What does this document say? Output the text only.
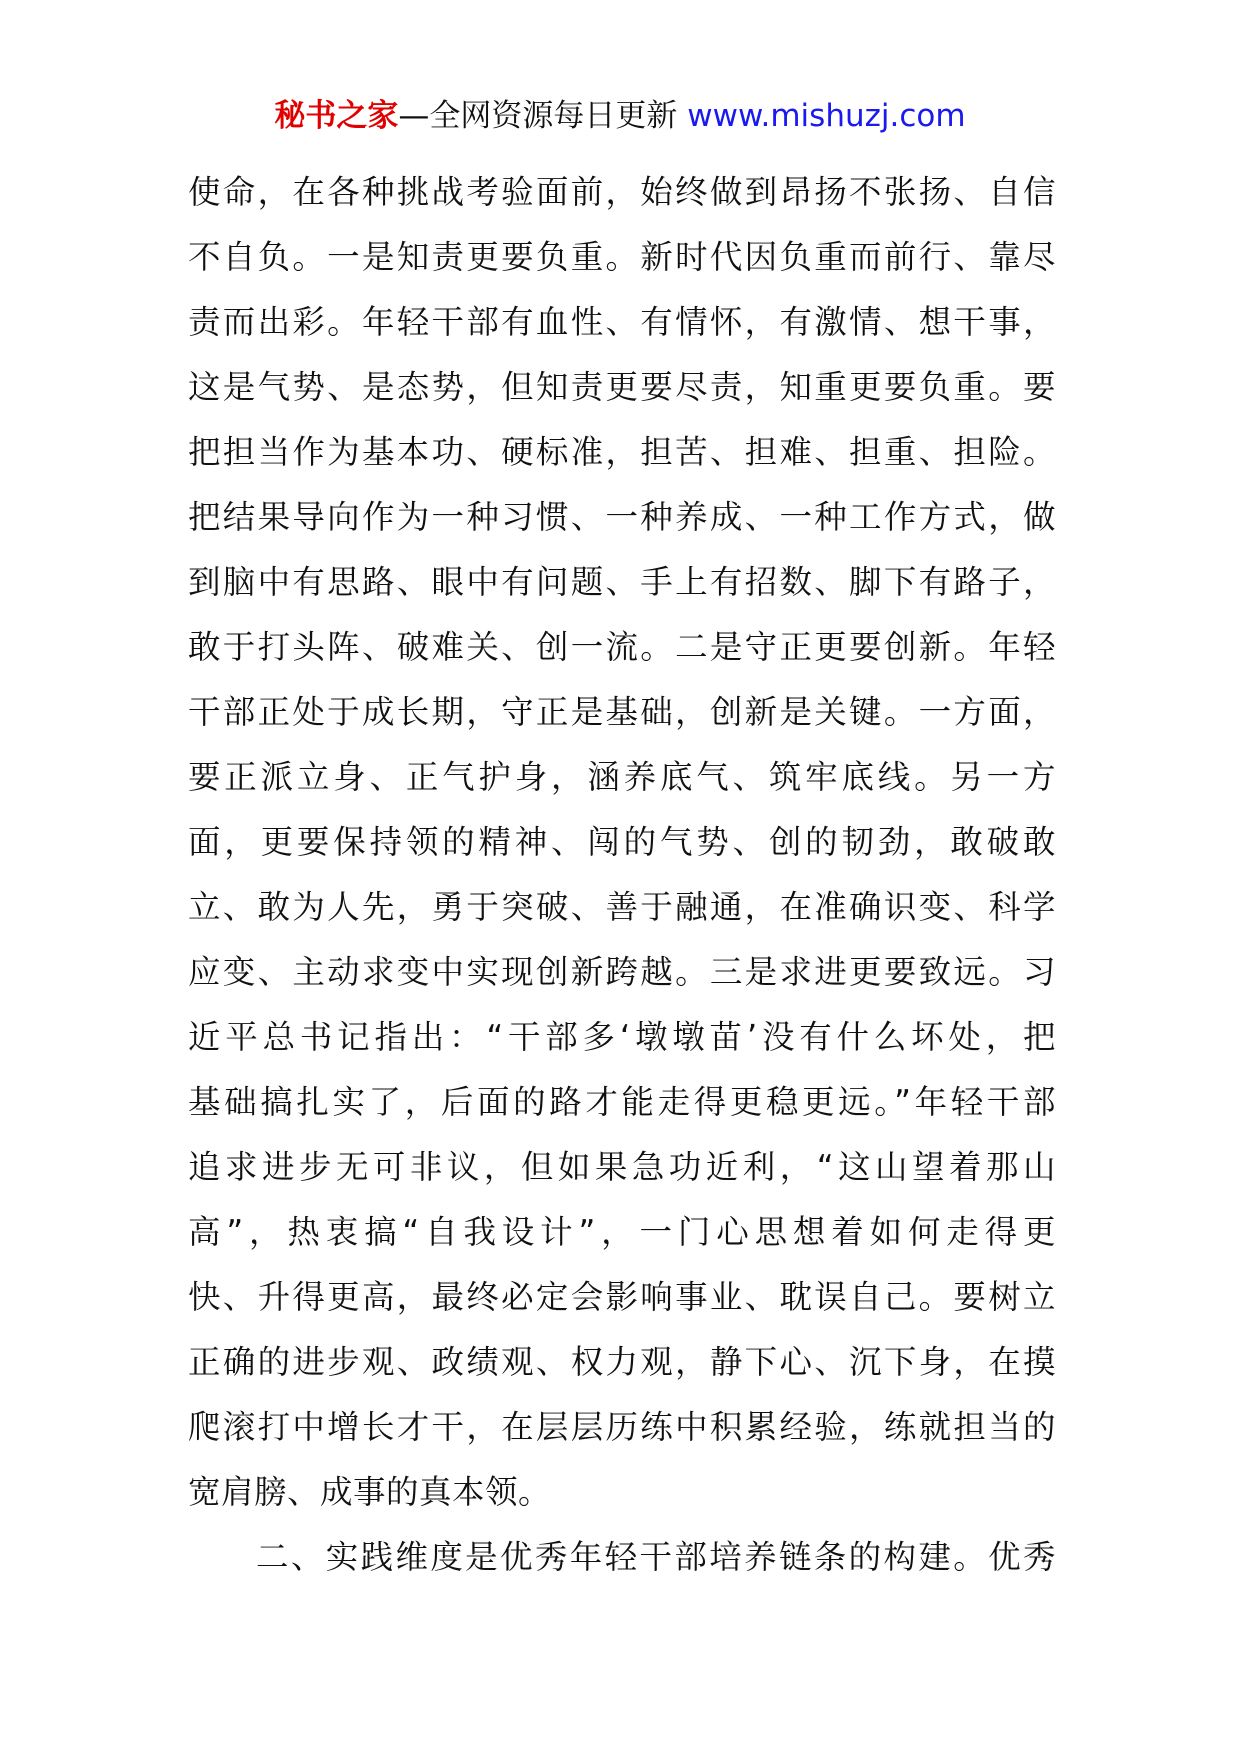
秘书之家—全网资源每日更新 www.mishuzj.com
使命，在各种挑战考验面前，始终做到昂扬不张扬、自信
不自负。一是知责更要负重。新时代因负重而前行、靠尽
责而出彩。年轻干部有血性、有情怀，有激情、想干事，
这是气势、是态势，但知责更要尽责，知重更要负重。要
把担当作为基本功、硬标准，担苦、担难、担重、担险。
把结果导向作为一种习惯、一种养成、一种工作方式，做
到脑中有思路、眼中有问题、手上有招数、脚下有路子，
敢于打头阵、破难关、创一流。二是守正更要创新。年轻
干部正处于成长期，守正是基础，创新是关键。一方面，
要正派立身、正气护身，涵养底气、筑牢底线。另一方
面，更要保持领的精神、闯的气势、创的韧劲，敢破敢
立、敢为人先，勇于突破、善于融通，在准确识变、科学
应变、主动求变中实现创新跨越。三是求进更要致远。习
近平总书记指出：“干部多‘墩墩苗’没有什么坏处，把
基础搞扎实了，后面的路才能走得更稳更远。”年轻干部
追求进步无可非议，但如果急功近利，“这山望着那山
高”，热衷搞“自我设计”，一门心思想着如何走得更
快、升得更高，最终必定会影响事业、耽误自己。要树立
正确的进步观、政绩观、权力观，静下心、沉下身，在摸
爬滚打中增长才干，在层层历练中积累经验，练就担当的
宽肩膀、成事的真本领。
二、实践维度是优秀年轻干部培养链条的构建。优秀
